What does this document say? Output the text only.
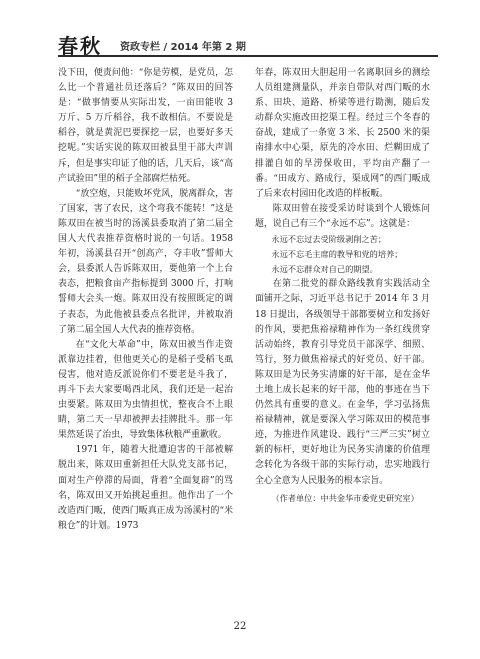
春秋 资政专栏 / 2014 年第 2 期

没下田，便责问他：“你是劳模，是党员，怎么比一个普通社员还落后？”陈双田的回答是：“做事情要从实际出发，一亩田能收 3 万斤、5 万斤稻谷，我不敢相信。不要说是稻谷，就是黄泥巴要探挖一层，也要好多天挖呢。”实话实说的陈双田被县里干部大声训斥，但是事实印证了他的话，几天后，该“高产试验田”里的稻子全部腐烂枯死。

“放空炮，只能败坏党风，脱离群众，害了国家，害了农民，这个弯我不能转！”这是陈双田在被当时的汤溪县委取消了第二届全国人大代表推荐资格时说的一句话。1958 年初，汤溪县召开“创高产，夺丰收”誓师大会，县委派人告诉陈双田，要他第一个上台表态，把粮食亩产指标提到 3000 斤，打响誓师大会头一炮。陈双田没有按照既定的调子表态，为此他被县委点名批评，并被取消了第二届全国人大代表的推荐资格。

在“文化大革命”中，陈双田被当作走资派靠边挂着，但他更关心的是稻子受稻飞虱侵害，他对造反派说你们不要老是斗我了，再斗下去大家要喝西北风，我们还是一起治虫要紧。陈双田为虫情担忧，整夜合不上眼睛，第二天一早却被押去挂牌批斗。那一年果然延误了治虫，导致集体秋粮严重歉收。

1971 年，随着大批遭迫害的干部被解脱出来，陈双田重新担任大队党支部书记，面对生产停滞的局面，背着“全面复辟”的骂名，陈双田又开始挑起重担。他作出了一个改造西门畈，使西门畈真正成为汤溪村的“米粮仓”的计划。1973

年春，陈双田大胆起用一名离职回乡的测绘人员组建测量队，并亲自带队对西门畈的水系、田块、道路、桥梁等进行勘测，随后发动群众实施改田挖渠工程。经过三个冬春的奋战，建成了一条宽 3 米、长 2500 米的渠南排水中心渠，原先的冷水田、烂糊田成了排灌自如的旱涝保收田，平均亩产翻了一番。“田成方、路成行，渠成网”的西门畈成了后来农村园田化改造的样板畈。

陈双田曾在接受采访时谈到个人锻炼问题，说自己有三个“永远不忘”。这就是：

永远不忘过去受阶级剥削之苦；
永远不忘毛主席的教导和党的培养；
永远不忘群众对自己的期望。

在第二批党的群众路线教育实践活动全面铺开之际，习近平总书记于 2014 年 3 月 18 日提出，各级领导干部都要树立和发扬好的作风，要把焦裕禄精神作为一条红线贯穿活动始终，教育引导党员干部深学、细照、笃行，努力做焦裕禄式的好党员、好干部。陈双田是为民务实清廉的好干部，是在金华土地上成长起来的好干部，他的事迹在当下仍然具有重要的意义。在金华，学习弘扬焦裕禄精神，就是要深入学习陈双田的模范事迹，为推进作风建设、践行“三严三实”树立新的标杆，更好地让为民务实清廉的价值理念转化为各级干部的实际行动，忠实地践行全心全意为人民服务的根本宗旨。

（作者单位：中共金华市委党史研究室）
22
